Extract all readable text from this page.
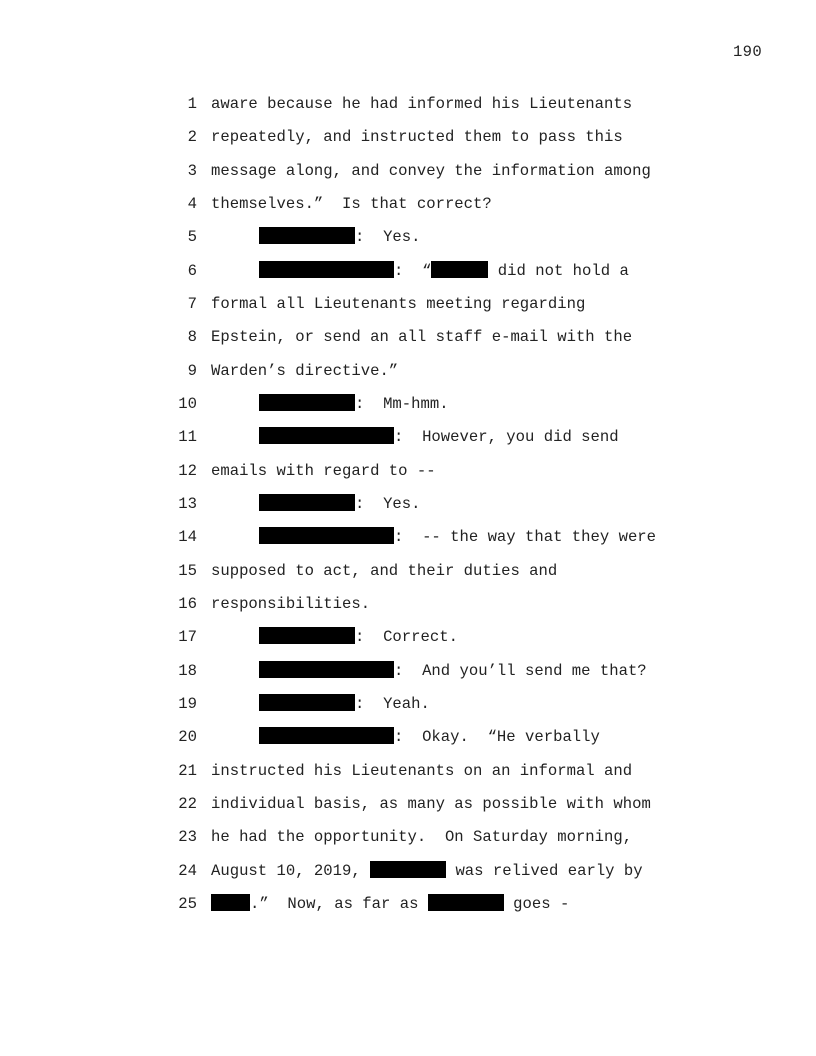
190

1

aware because he had informed his Lieutenants

2

repeatedly, and instructed them to pass this

3

message along, and convey the information among

4

themselves.”  Is that correct?

5

	:  Yes.

6

	:  “	did not hold a

7

formal all Lieutenants meeting regarding

8

Epstein, or send an all staff e-mail with the

9

Warden’s directive.”

10

	:  Mm-hmm.

11

	:  However, you did send

12

emails with regard to --

13

	:  Yes.

14

	:  -- the way that they were

15

supposed to act, and their duties and

16

responsibilities.

17

	:  Correct.

18

	:  And you’ll send me that?

19

	:  Yeah.

20

	:  Okay.  “He verbally

21

instructed his Lieutenants on an informal and

22

individual basis, as many as possible with whom

23

he had the opportunity.  On Saturday morning,

24

August 10, 2019,	was relived early by

25

	.”  Now, as far as	goes -
